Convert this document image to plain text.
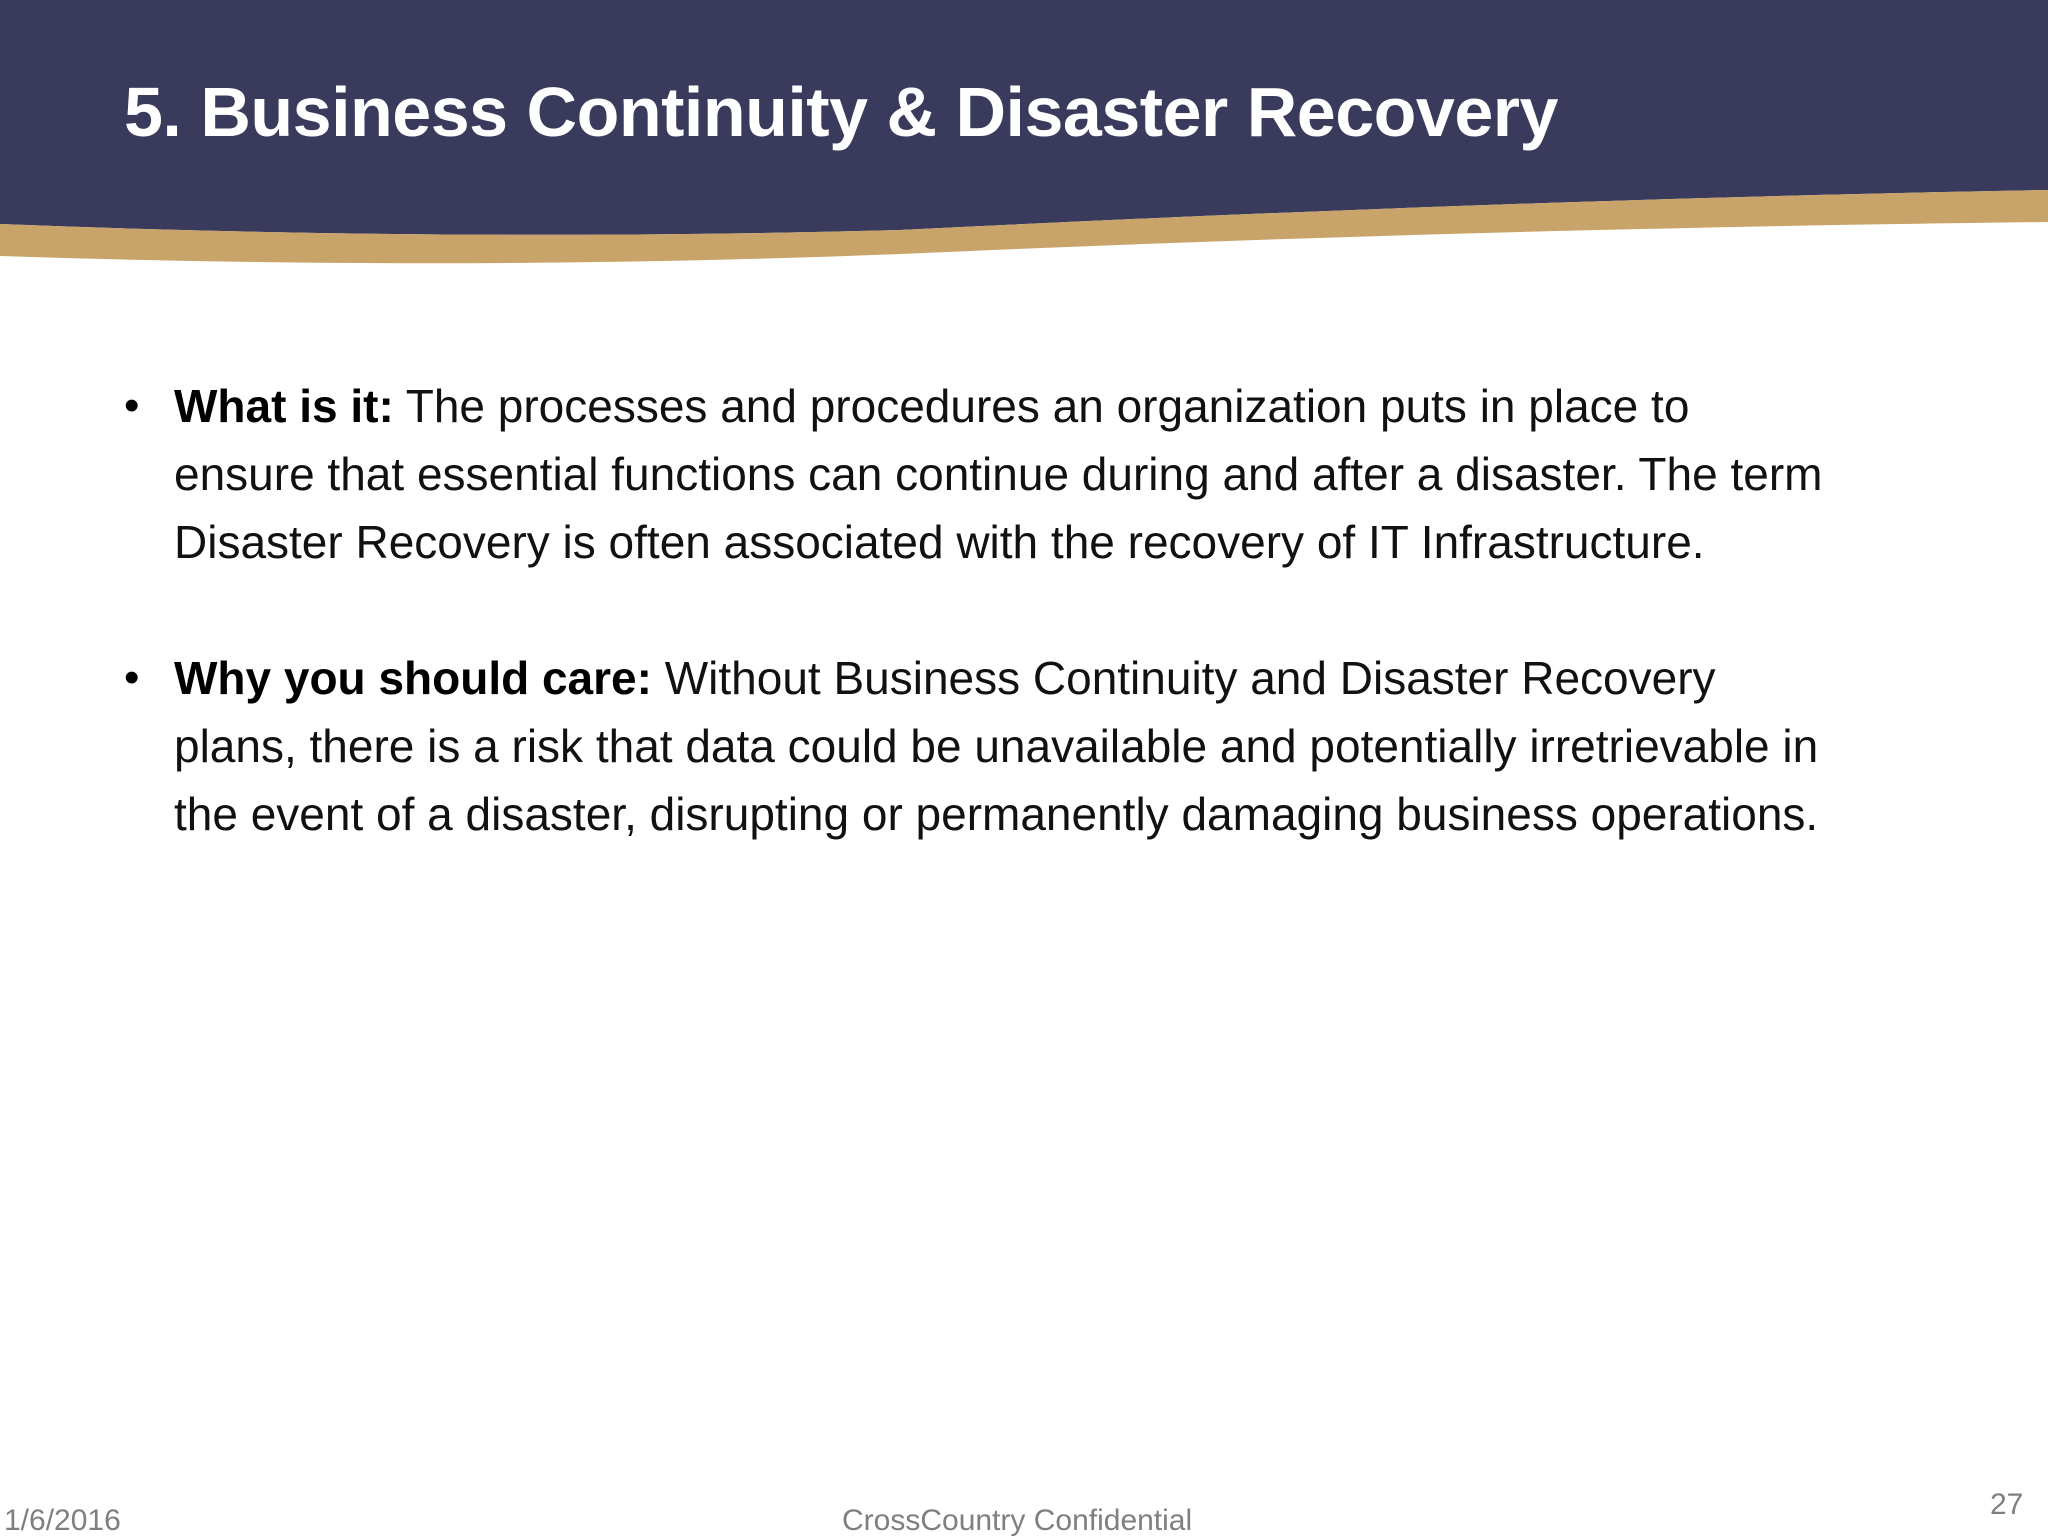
5. Business Continuity & Disaster Recovery
• What is it: The processes and procedures an organization puts in place to ensure that essential functions can continue during and after a disaster. The term Disaster Recovery is often associated with the recovery of IT Infrastructure.
• Why you should care: Without Business Continuity and Disaster Recovery plans, there is a risk that data could be unavailable and potentially irretrievable in the event of a disaster, disrupting or permanently damaging business operations.
1/6/2016	CrossCountry Confidential	27
